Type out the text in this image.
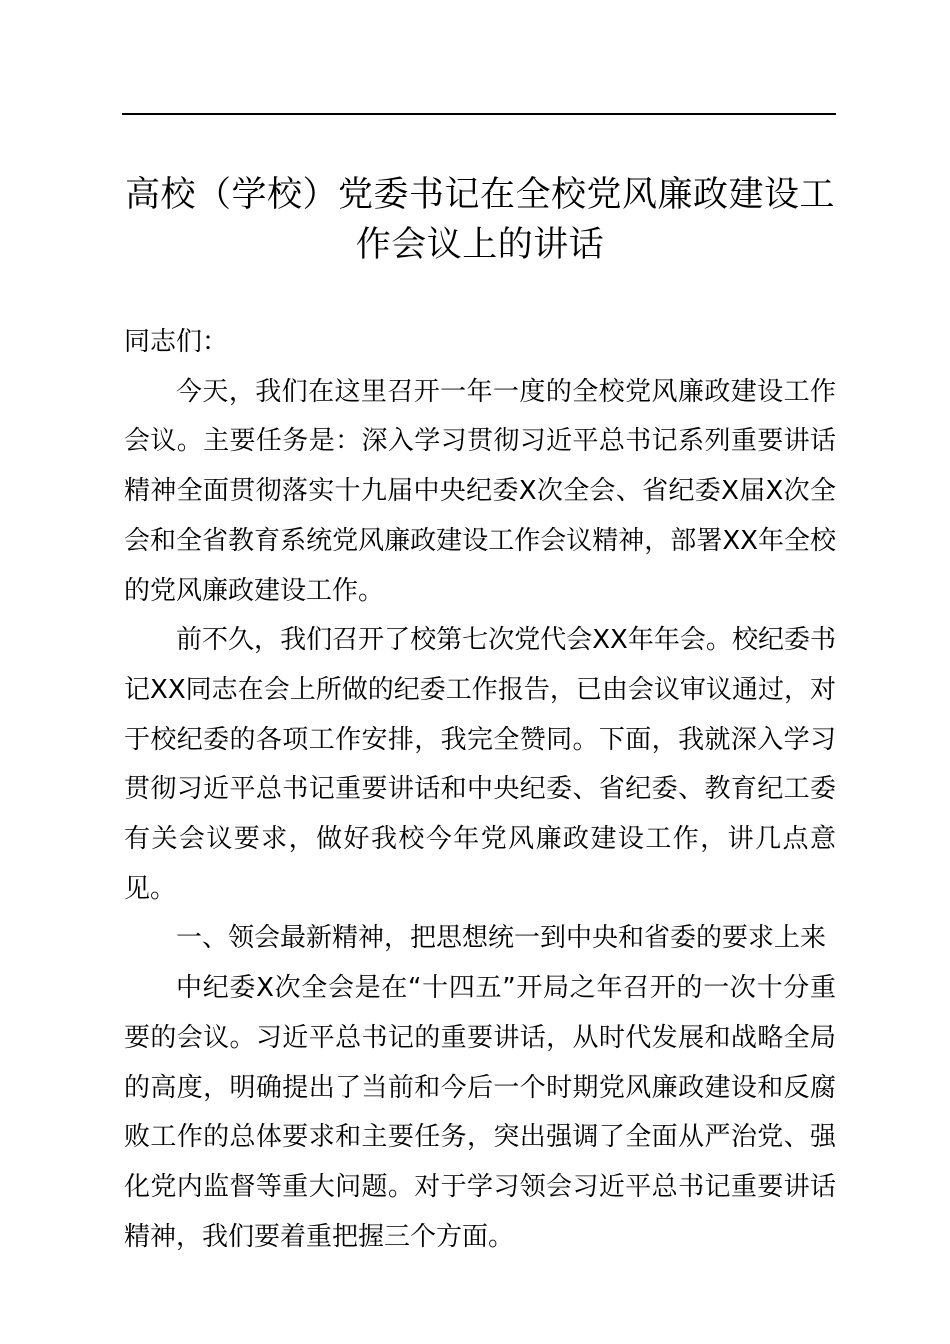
高校（学校）党委书记在全校党风廉政建设工作会议上的讲话

同志们：

今天，我们在这里召开一年一度的全校党风廉政建设工作会议。主要任务是：深入学习贯彻习近平总书记系列重要讲话精神全面贯彻落实十九届中央纪委X次全会、省纪委X届X次全会和全省教育系统党风廉政建设工作会议精神，部署XX年全校的党风廉政建设工作。

前不久，我们召开了校第七次党代会XX年年会。校纪委书记XX同志在会上所做的纪委工作报告，已由会议审议通过，对于校纪委的各项工作安排，我完全赞同。下面，我就深入学习贯彻习近平总书记重要讲话和中央纪委、省纪委、教育纪工委有关会议要求，做好我校今年党风廉政建设工作，讲几点意见。

一、领会最新精神，把思想统一到中央和省委的要求上来

中纪委X次全会是在“十四五”开局之年召开的一次十分重要的会议。习近平总书记的重要讲话，从时代发展和战略全局的高度，明确提出了当前和今后一个时期党风廉政建设和反腐败工作的总体要求和主要任务，突出强调了全面从严治党、强化党内监督等重大问题。对于学习领会习近平总书记重要讲话精神，我们要着重把握三个方面。
